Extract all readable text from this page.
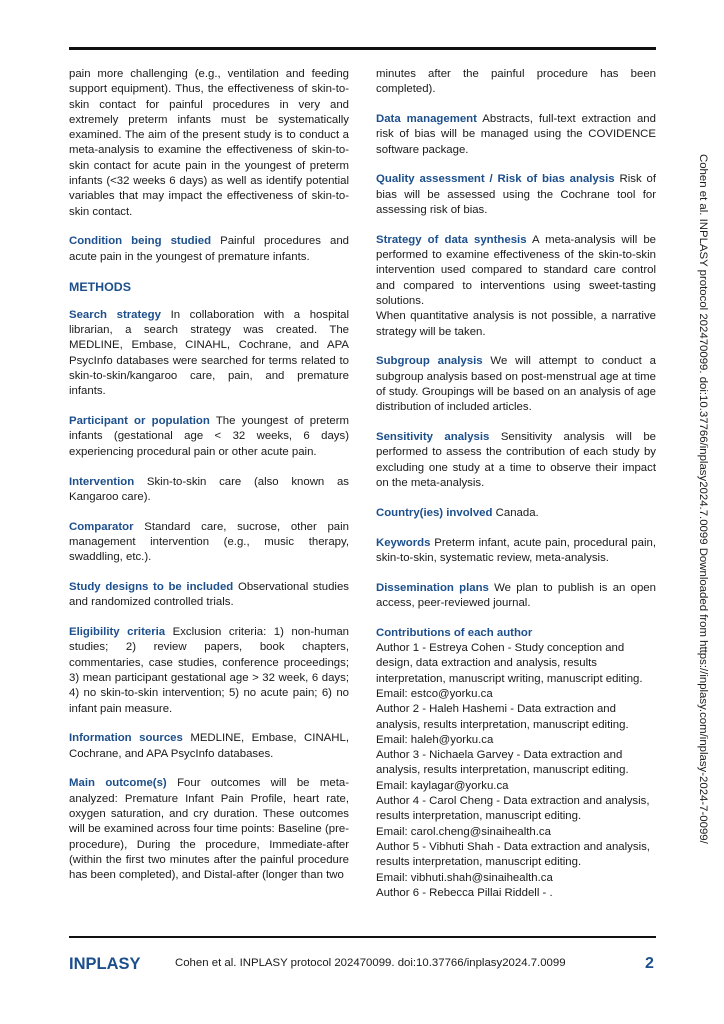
pain more challenging (e.g., ventilation and feeding support equipment). Thus, the effectiveness of skin-to-skin contact for painful procedures in very and extremely preterm infants must be systematically examined. The aim of the present study is to conduct a meta-analysis to examine the effectiveness of skin-to-skin contact for acute pain in the youngest of preterm infants (<32 weeks 6 days) as well as identify potential variables that may impact the effectiveness of skin-to-skin contact.

Condition being studied Painful procedures and acute pain in the youngest of premature infants.

METHODS

Search strategy In collaboration with a hospital librarian, a search strategy was created. The MEDLINE, Embase, CINAHL, Cochrane, and APA PsycInfo databases were searched for terms related to skin-to-skin/kangaroo care, pain, and premature infants.

Participant or population The youngest of preterm infants (gestational age < 32 weeks, 6 days) experiencing procedural pain or other acute pain.

Intervention Skin-to-skin care (also known as Kangaroo care).

Comparator Standard care, sucrose, other pain management intervention (e.g., music therapy, swaddling, etc.).

Study designs to be included Observational studies and randomized controlled trials.

Eligibility criteria Exclusion criteria: 1) non-human studies; 2) review papers, book chapters, commentaries, case studies, conference proceedings; 3) mean participant gestational age > 32 week, 6 days; 4) no skin-to-skin intervention; 5) no acute pain; 6) no infant pain measure.

Information sources MEDLINE, Embase, CINAHL, Cochrane, and APA PsycInfo databases.

Main outcome(s) Four outcomes will be meta-analyzed: Premature Infant Pain Profile, heart rate, oxygen saturation, and cry duration. These outcomes will be examined across four time points: Baseline (pre-procedure), During the procedure, Immediate-after (within the first two minutes after the painful procedure has been completed), and Distal-after (longer than two

minutes after the painful procedure has been completed).

Data management Abstracts, full-text extraction and risk of bias will be managed using the COVIDENCE software package.

Quality assessment / Risk of bias analysis Risk of bias will be assessed using the Cochrane tool for assessing risk of bias.

Strategy of data synthesis A meta-analysis will be performed to examine effectiveness of the skin-to-skin intervention used compared to standard care control and compared to interventions using sweet-tasting solutions.
When quantitative analysis is not possible, a narrative strategy will be taken.

Subgroup analysis We will attempt to conduct a subgroup analysis based on post-menstrual age at time of study. Groupings will be based on an analysis of age distribution of included articles.

Sensitivity analysis Sensitivity analysis will be performed to assess the contribution of each study by excluding one study at a time to observe their impact on the meta-analysis.

Country(ies) involved Canada.

Keywords Preterm infant, acute pain, procedural pain, skin-to-skin, systematic review, meta-analysis.

Dissemination plans We plan to publish is an open access, peer-reviewed journal.

Contributions of each author
Author 1 - Estreya Cohen - Study conception and design, data extraction and analysis, results interpretation, manuscript writing, manuscript editing.
Email: estco@yorku.ca
Author 2 - Haleh Hashemi - Data extraction and analysis, results interpretation, manuscript editing.
Email: haleh@yorku.ca
Author 3 - Nichaela Garvey - Data extraction and analysis, results interpretation, manuscript editing.
Email: kaylagar@yorku.ca
Author 4 - Carol Cheng - Data extraction and analysis, results interpretation, manuscript editing.
Email: carol.cheng@sinaihealth.ca
Author 5 - Vibhuti Shah - Data extraction and analysis, results interpretation, manuscript editing.
Email: vibhuti.shah@sinaihealth.ca
Author 6 - Rebecca Pillai Riddell - .
Cohen et al. INPLASY protocol 202470099. doi:10.37766/inplasy2024.7.0099 Downloaded from https://inplasy.com/inplasy-2024-7-0099/
INPLASY	Cohen et al. INPLASY protocol 202470099. doi:10.37766/inplasy2024.7.0099	2
